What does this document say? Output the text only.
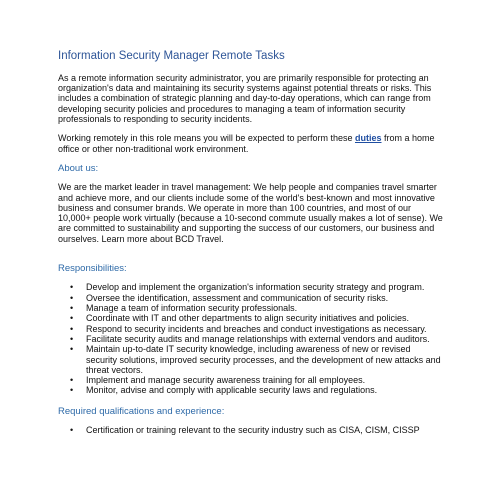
Information Security Manager Remote Tasks

As a remote information security administrator, you are primarily responsible for protecting an organization's data and maintaining its security systems against potential threats or risks. This includes a combination of strategic planning and day-to-day operations, which can range from developing security policies and procedures to managing a team of information security professionals to responding to security incidents.

Working remotely in this role means you will be expected to perform these duties from a home office or other non-traditional work environment.

About us:

We are the market leader in travel management: We help people and companies travel smarter and achieve more, and our clients include some of the world's best-known and most innovative business and consumer brands. We operate in more than 100 countries, and most of our 10,000+ people work virtually (because a 10-second commute usually makes a lot of sense). We are committed to sustainability and supporting the success of our customers, our business and ourselves. Learn more about BCD Travel.

Responsibilities:
• Develop and implement the organization's information security strategy and program.
• Oversee the identification, assessment and communication of security risks.
• Manage a team of information security professionals.
• Coordinate with IT and other departments to align security initiatives and policies.
• Respond to security incidents and breaches and conduct investigations as necessary.
• Facilitate security audits and manage relationships with external vendors and auditors.
• Maintain up-to-date IT security knowledge, including awareness of new or revised security solutions, improved security processes, and the development of new attacks and threat vectors.
• Implement and manage security awareness training for all employees.
• Monitor, advise and comply with applicable security laws and regulations.
Required qualifications and experience:
• Certification or training relevant to the security industry such as CISA, CISM, CISSP
